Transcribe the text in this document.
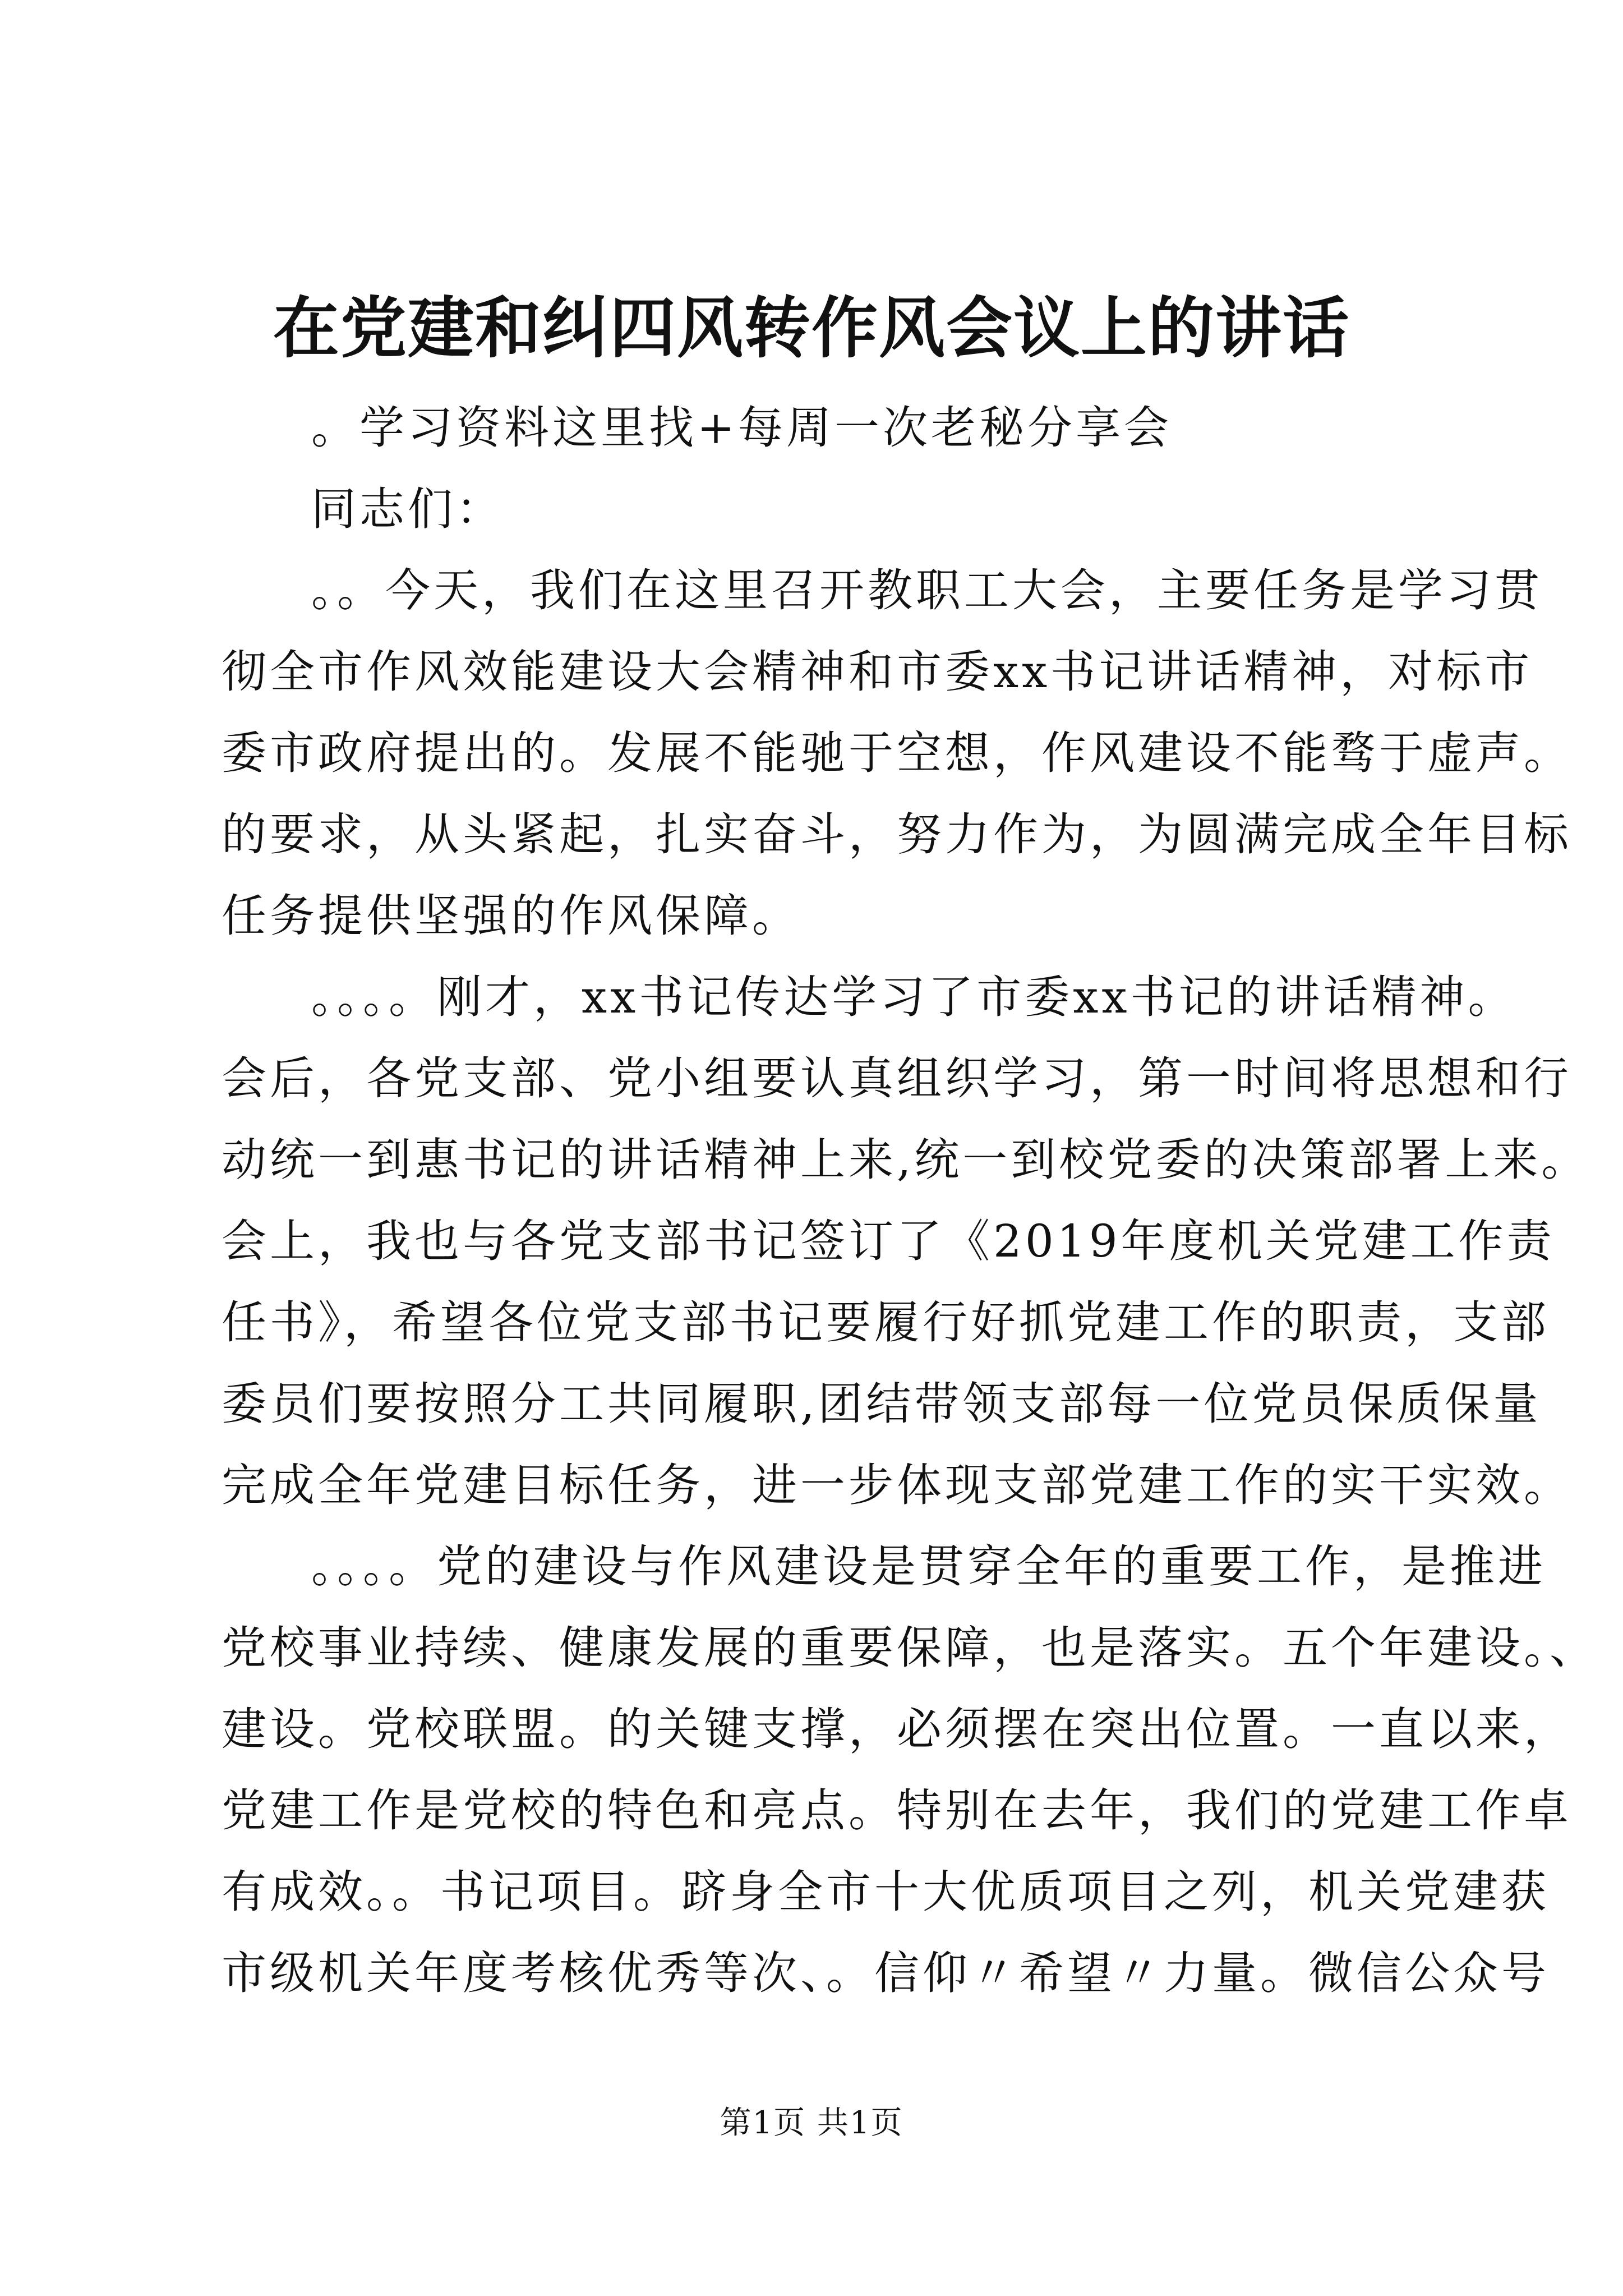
在党建和纠四风转作风会议上的讲话
。学习资料这里找+每周一次老秘分享会
同志们：
。。今天，我们在这里召开教职工大会，主要任务是学习贯
彻全市作风效能建设大会精神和市委xx书记讲话精神，对标市
委市政府提出的。发展不能驰于空想，作风建设不能骛于虚声。
的要求，从头紧起，扎实奋斗，努力作为，为圆满完成全年目标
任务提供坚强的作风保障。
。。。。刚才，xx书记传达学习了市委xx书记的讲话精神。
会后，各党支部、党小组要认真组织学习，第一时间将思想和行
动统一到惠书记的讲话精神上来,统一到校党委的决策部署上来。
会上，我也与各党支部书记签订了《2019年度机关党建工作责
任书》，希望各位党支部书记要履行好抓党建工作的职责，支部
委员们要按照分工共同履职,团结带领支部每一位党员保质保量
完成全年党建目标任务，进一步体现支部党建工作的实干实效。
。。。。党的建设与作风建设是贯穿全年的重要工作，是推进
党校事业持续、健康发展的重要保障，也是落实。五个年建设。、
建设。党校联盟。的关键支撑，必须摆在突出位置。一直以来，
党建工作是党校的特色和亮点。特别在去年，我们的党建工作卓
有成效。。书记项目。跻身全市十大优质项目之列，机关党建获
市级机关年度考核优秀等次、。信仰〃希望〃力量。微信公众号
第1页 共1页
